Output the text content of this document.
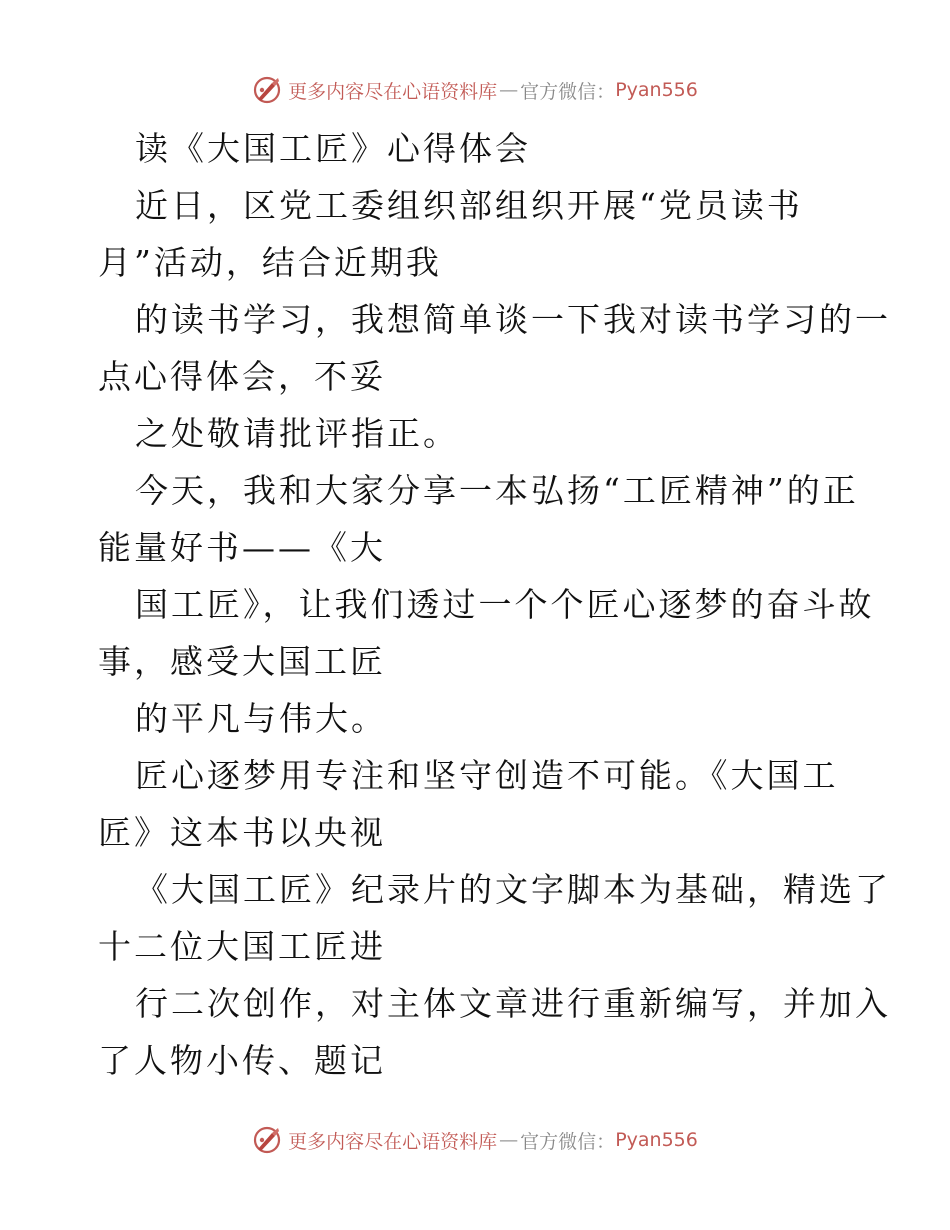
更多内容尽在心语资料库 — 官方微信： Pyan556
读《大国工匠》心得体会
近日，区党工委组织部组织开展“党员读书
月”活动，结合近期我
的读书学习，我想简单谈一下我对读书学习的一
点心得体会，不妥
之处敬请批评指正。
今天，我和大家分享一本弘扬“工匠精神”的正
能量好书——《大
国工匠》，让我们透过一个个匠心逐梦的奋斗故
事，感受大国工匠
的平凡与伟大。
匠心逐梦用专注和坚守创造不可能。《大国工
匠》这本书以央视
《大国工匠》纪录片的文字脚本为基础，精选了
十二位大国工匠进
行二次创作，对主体文章进行重新编写，并加入
了人物小传、题记
更多内容尽在心语资料库 — 官方微信： Pyan556
